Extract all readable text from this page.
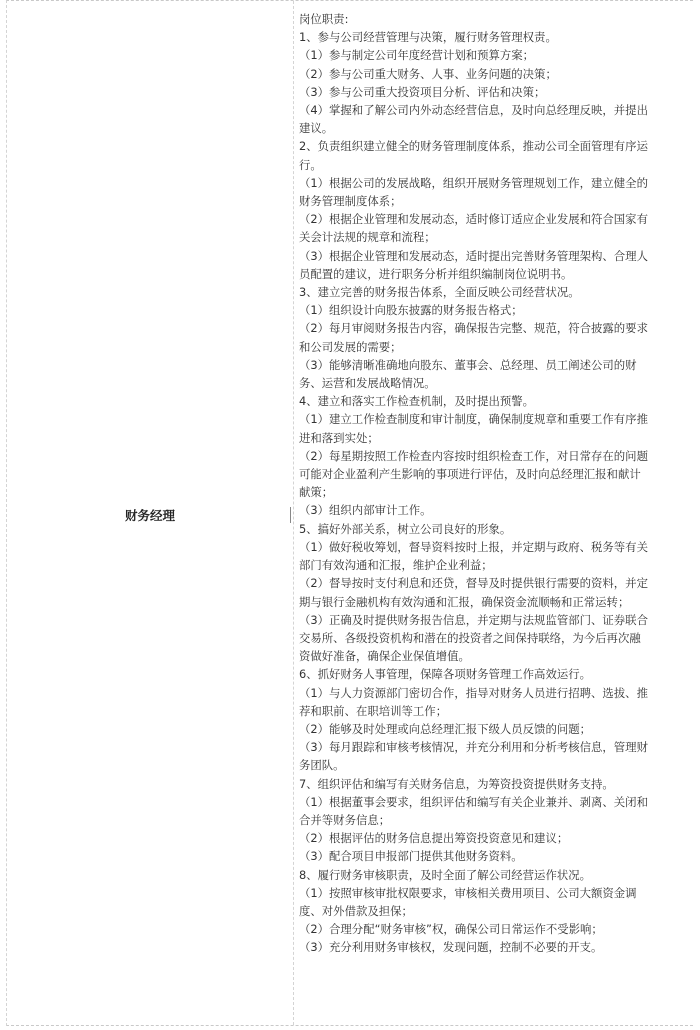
财务经理
岗位职责:
1、参与公司经营管理与决策，履行财务管理权责。
（1）参与制定公司年度经营计划和预算方案；
（2）参与公司重大财务、人事、业务问题的决策；
（3）参与公司重大投资项目分析、评估和决策；
（4）掌握和了解公司内外动态经营信息，及时向总经理反映，并提出
建议。
2、负责组织建立健全的财务管理制度体系，推动公司全面管理有序运
行。
（1）根据公司的发展战略，组织开展财务管理规划工作，建立健全的
财务管理制度体系；
（2）根据企业管理和发展动态，适时修订适应企业发展和符合国家有
关会计法规的规章和流程；
（3）根据企业管理和发展动态，适时提出完善财务管理架构、合理人
员配置的建议，进行职务分析并组织编制岗位说明书。
3、建立完善的财务报告体系，全面反映公司经营状况。
（1）组织设计向股东披露的财务报告格式；
（2）每月审阅财务报告内容，确保报告完整、规范，符合披露的要求
和公司发展的需要；
（3）能够清晰准确地向股东、董事会、总经理、员工阐述公司的财
务、运营和发展战略情况。
4、建立和落实工作检查机制，及时提出预警。
（1）建立工作检查制度和审计制度，确保制度规章和重要工作有序推
进和落到实处；
（2）每星期按照工作检查内容按时组织检查工作，对日常存在的问题
可能对企业盈利产生影响的事项进行评估，及时向总经理汇报和献计
献策；
（3）组织内部审计工作。
5、搞好外部关系，树立公司良好的形象。
（1）做好税收筹划，督导资料按时上报，并定期与政府、税务等有关
部门有效沟通和汇报，维护企业利益；
（2）督导按时支付利息和还贷，督导及时提供银行需要的资料，并定
期与银行金融机构有效沟通和汇报，确保资金流顺畅和正常运转；
（3）正确及时提供财务报告信息，并定期与法规监管部门、证券联合
交易所、各级投资机构和潜在的投资者之间保持联络，为今后再次融
资做好准备，确保企业保值增值。
6、抓好财务人事管理，保障各项财务管理工作高效运行。
（1）与人力资源部门密切合作，指导对财务人员进行招聘、选拔、推
荐和职前、在职培训等工作；
（2）能够及时处理或向总经理汇报下级人员反馈的问题；
（3）每月跟踪和审核考核情况，并充分利用和分析考核信息，管理财
务团队。
7、组织评估和编写有关财务信息，为筹资投资提供财务支持。
（1）根据董事会要求，组织评估和编写有关企业兼并、剥离、关闭和
合并等财务信息；
（2）根据评估的财务信息提出筹资投资意见和建议；
（3）配合项目申报部门提供其他财务资料。
8、履行财务审核职责，及时全面了解公司经营运作状况。
（1）按照审核审批权限要求，审核相关费用项目、公司大额资金调
度、对外借款及担保；
（2）合理分配“财务审核”权，确保公司日常运作不受影响；
（3）充分利用财务审核权，发现问题，控制不必要的开支。
